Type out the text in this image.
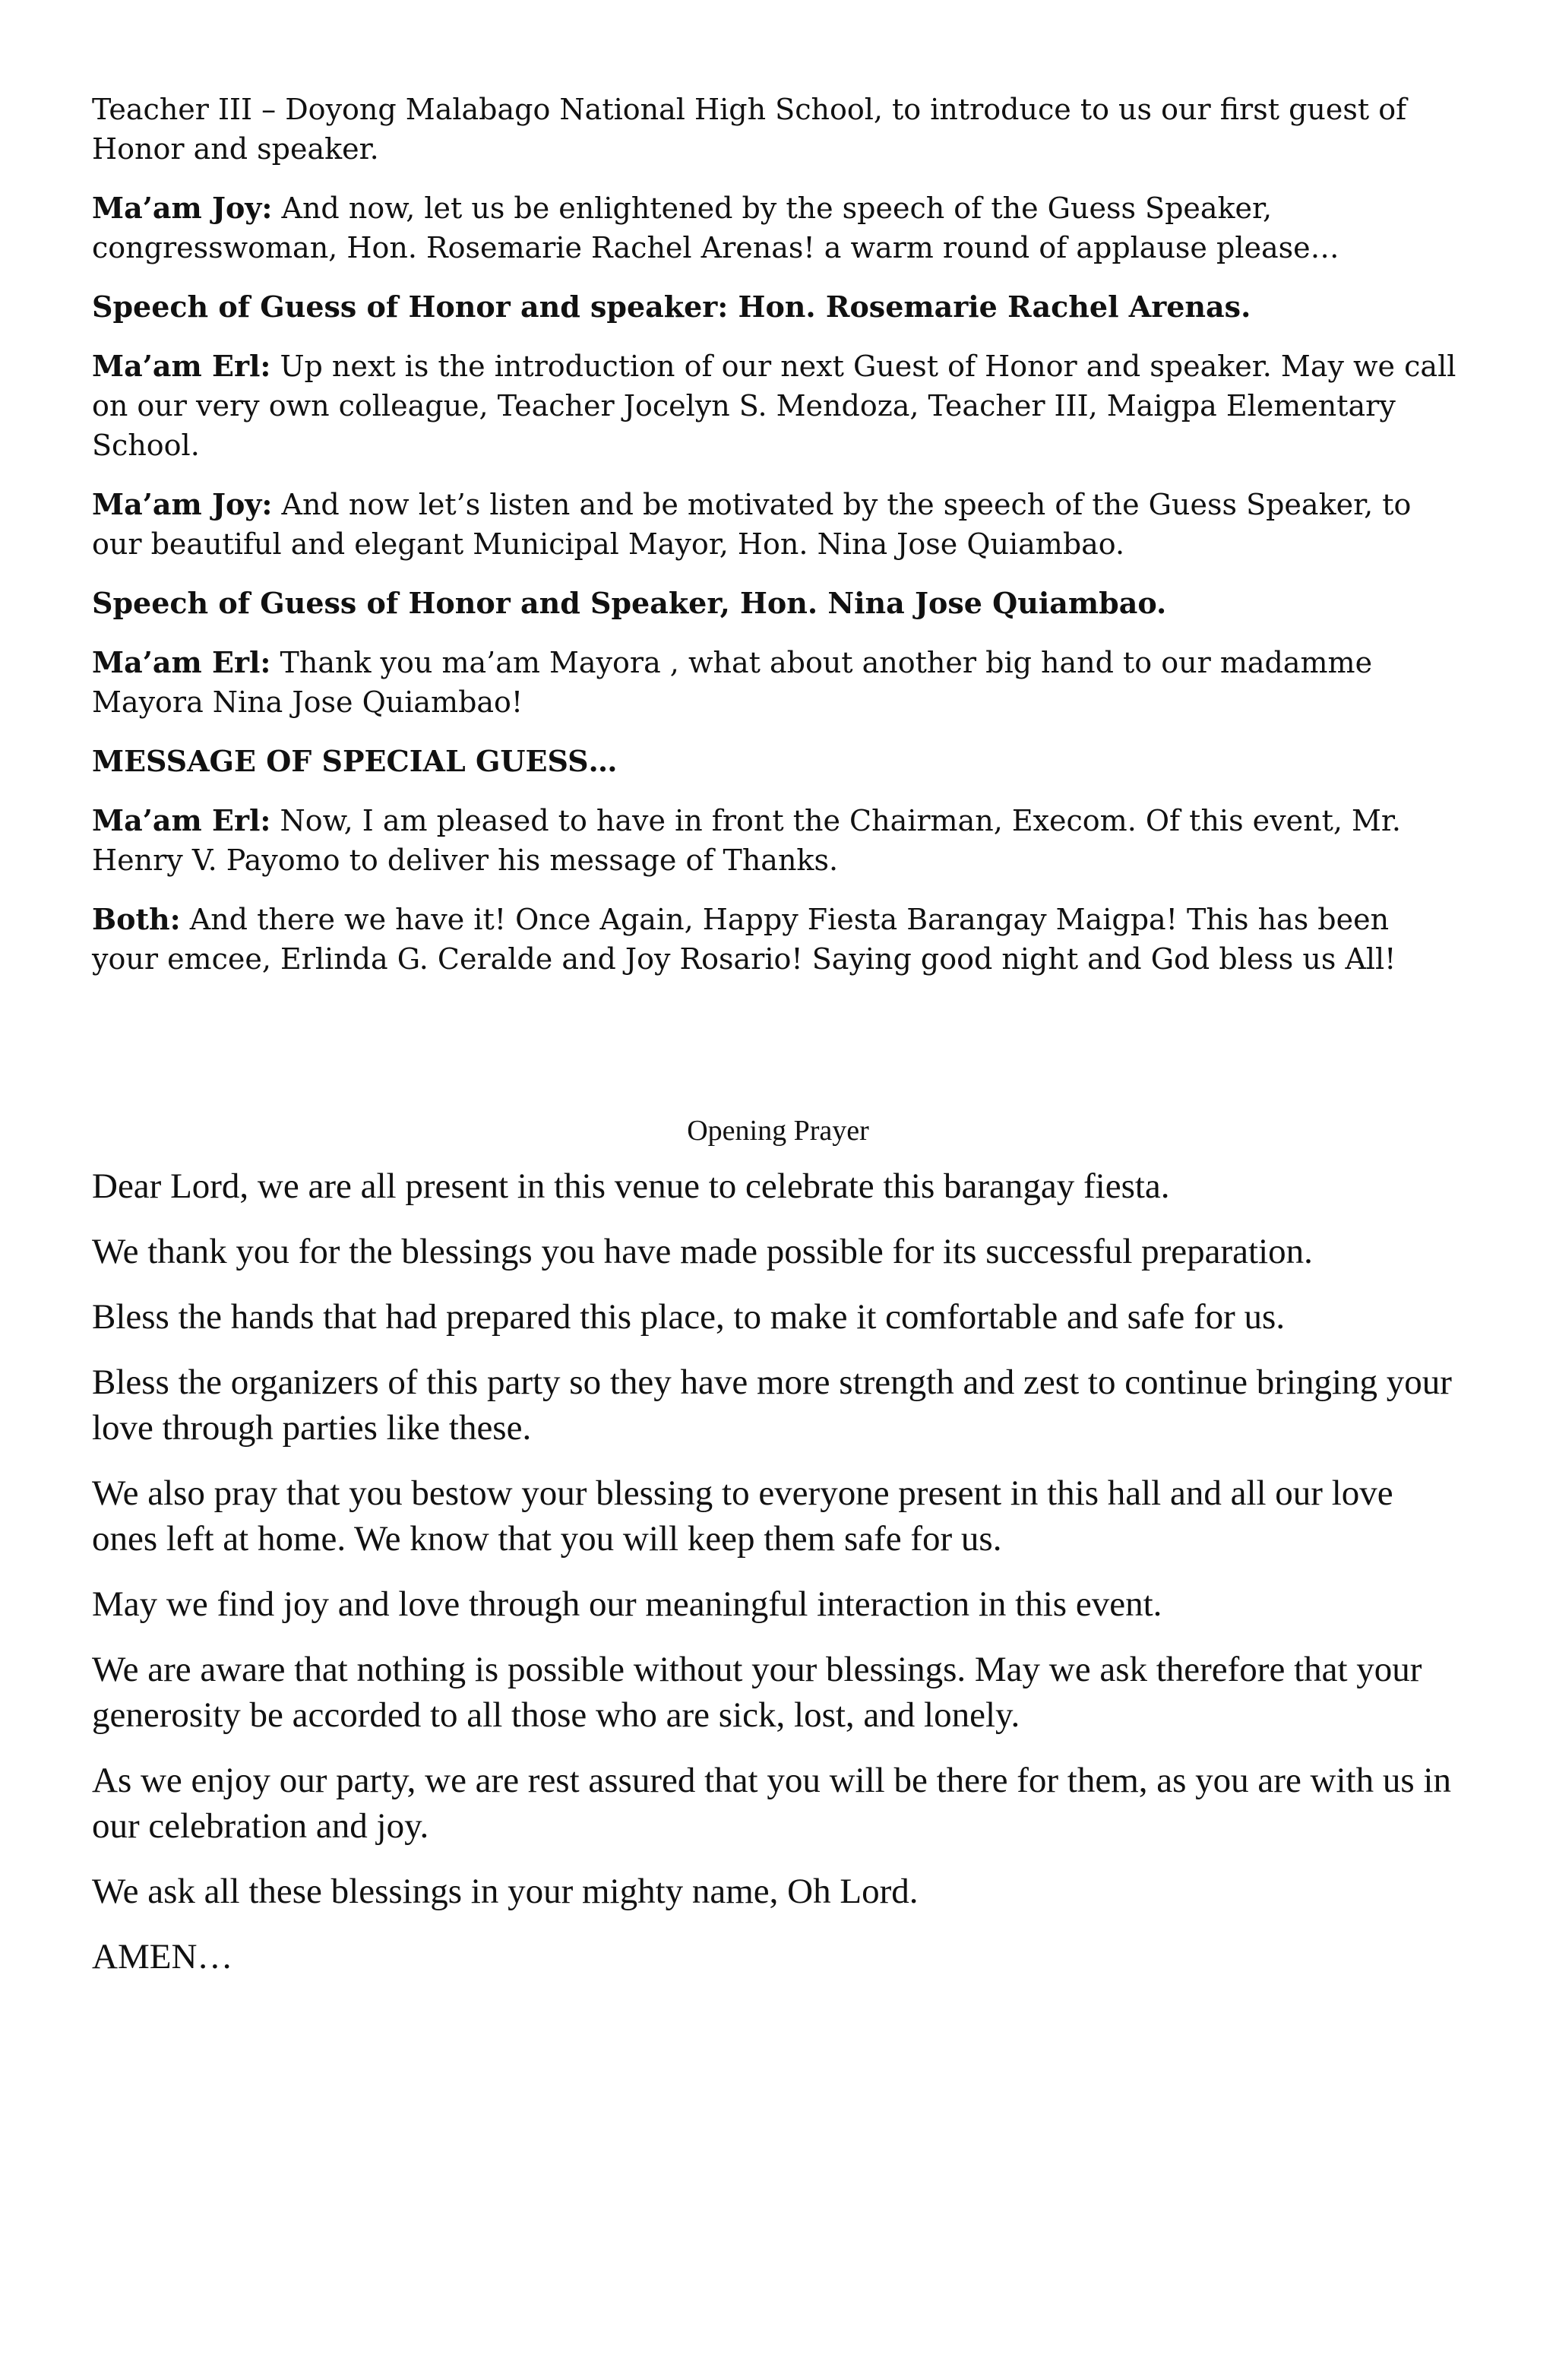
Teacher III – Doyong Malabago National High School, to introduce to us our first guest of Honor and speaker.

Ma’am Joy: And now, let us be enlightened by the speech of the Guess Speaker, congresswoman, Hon. Rosemarie Rachel Arenas! a warm round of applause please…

Speech of Guess of Honor and speaker: Hon. Rosemarie Rachel Arenas.

Ma’am Erl: Up next is the introduction of our next Guest of Honor and speaker. May we call on our very own colleague, Teacher Jocelyn S. Mendoza, Teacher III, Maigpa Elementary School.

Ma’am Joy: And now let’s listen and be motivated by the speech of the Guess Speaker, to our beautiful and elegant Municipal Mayor, Hon. Nina Jose Quiambao.

Speech of Guess of Honor and Speaker, Hon. Nina Jose Quiambao.

Ma’am Erl: Thank you ma’am Mayora , what about another big hand to our madamme Mayora Nina Jose Quiambao!

MESSAGE OF SPECIAL GUESS…

Ma’am Erl: Now, I am pleased to have in front the Chairman, Execom. Of this event, Mr. Henry V. Payomo to deliver his message of Thanks.

Both: And there we have it! Once Again, Happy Fiesta Barangay Maigpa! This has been your emcee, Erlinda G. Ceralde and Joy Rosario! Saying good night and God bless us All!

Opening Prayer

Dear Lord, we are all present in this venue to celebrate this barangay fiesta.

We thank you for the blessings you have made possible for its successful preparation.

Bless the hands that had prepared this place, to make it comfortable and safe for us.

Bless the organizers of this party so they have more strength and zest to continue bringing your love through parties like these.

We also pray that you bestow your blessing to everyone present in this hall and all our love ones left at home. We know that you will keep them safe for us.

May we find joy and love through our meaningful interaction in this event.

We are aware that nothing is possible without your blessings. May we ask therefore that your generosity be accorded to all those who are sick, lost, and lonely.

As we enjoy our party, we are rest assured that you will be there for them, as you are with us in our celebration and joy.

We ask all these blessings in your mighty name, Oh Lord.

AMEN…
